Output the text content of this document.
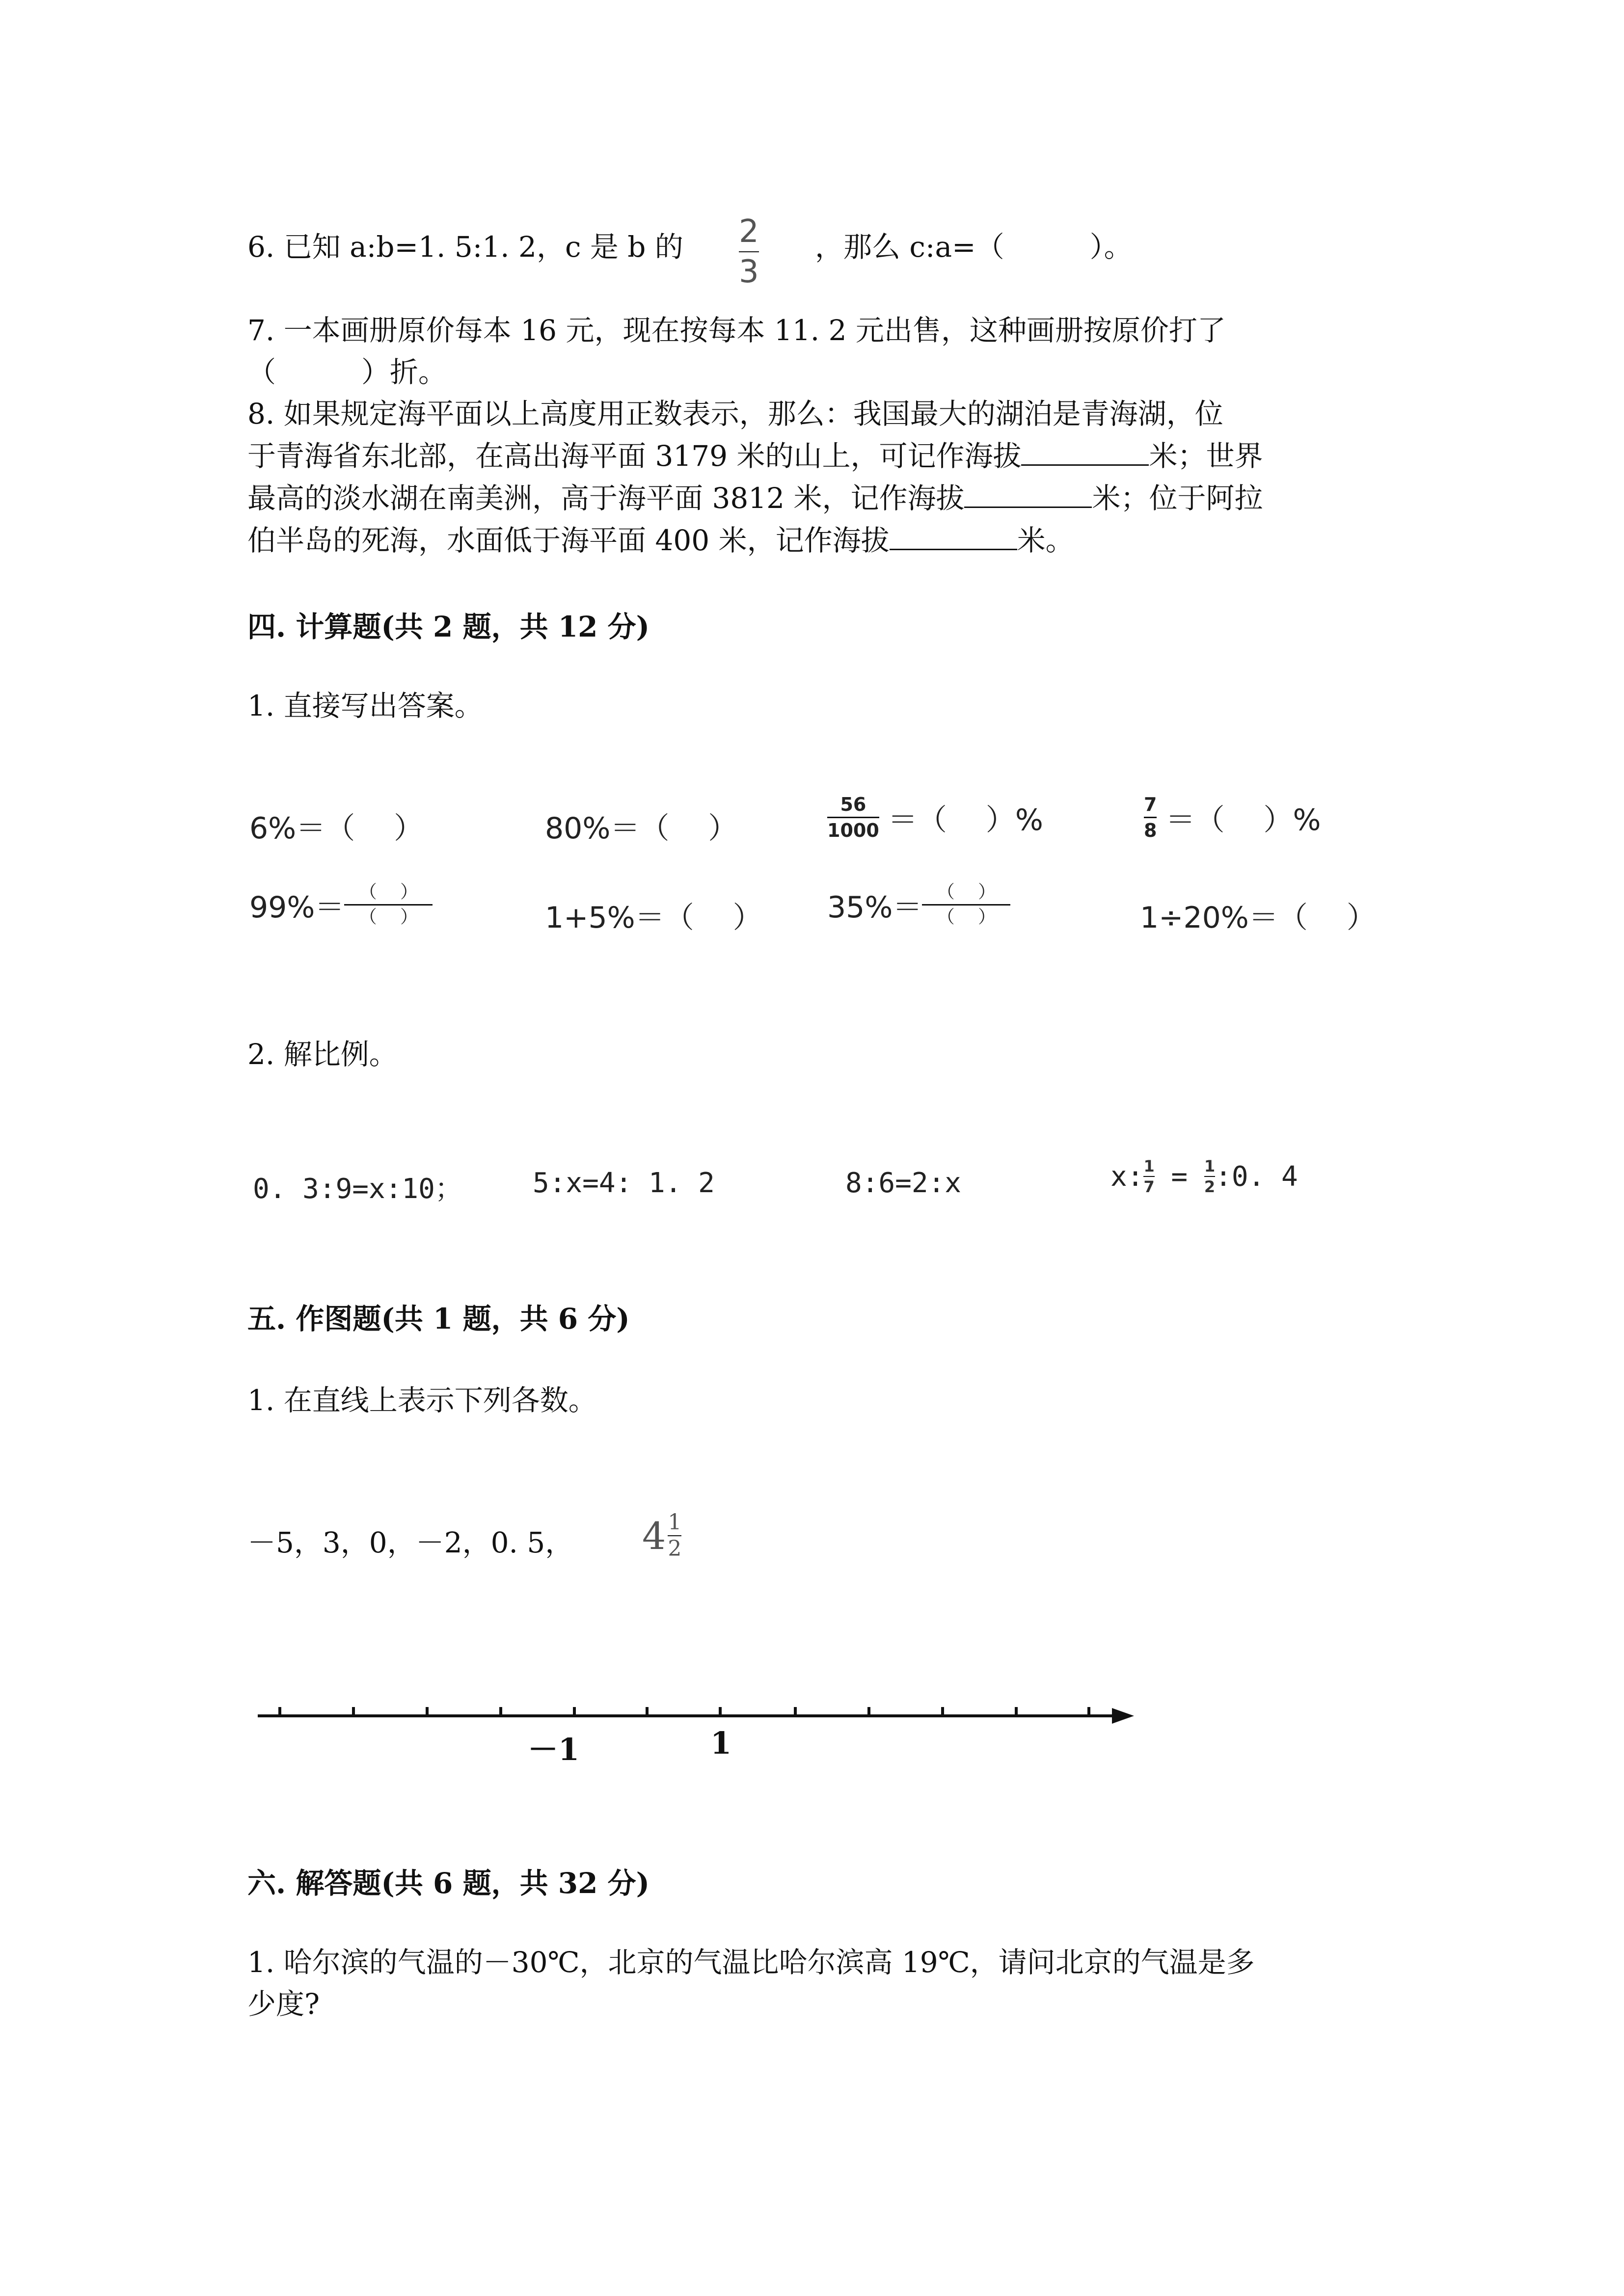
6. 已知 a:b=1. 5:1. 2，c 是 b 的 $\frac{2}{3}$ ，那么 c:a=（　　　）。
7. 一本画册原价每本 16 元，现在按每本 11. 2 元出售，这种画册按原价打了
（　　　）折。
8. 如果规定海平面以上高度用正数表示，那么：我国最大的湖泊是青海湖，位
于青海省东北部，在高出海平面 3179 米的山上，可记作海拔	米；世界
最高的淡水湖在南美洲，高于海平面 3812 米，记作海拔	米；位于阿拉
伯半岛的死海，水面低于海平面 400 米，记作海拔	米。
四. 计算题(共 2 题，共 12 分)
1. 直接写出答案。
6%＝（　 ）	80%＝（　 ）	$\frac{56}{1000}$ ＝（　 ）%	$\frac{7}{8}$ ＝（　 ）%
$99\%= \frac{( )}{( )}$	1+5%＝（　 ） $35\%= \frac{( )}{( )}$	1÷20%＝（　 ）
2. 解比例。
0. 3:9=x:10；	5:x=4: 1. 2	8:6=2:x	x: $\frac{1}{7} = \frac{1}{2}$ :0. 4
五. 作图题(共 1 题，共 6 分)
1. 在直线上表示下列各数。
－5，3，0，－2，0. 5， $4 \frac{1}{2}$
－1	1
六. 解答题(共 6 题，共 32 分)
1. 哈尔滨的气温的－30℃，北京的气温比哈尔滨高 19℃，请问北京的气温是多
少度?
